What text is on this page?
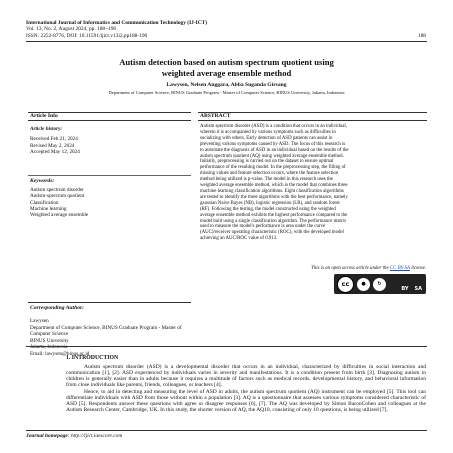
International Journal of Informatics and Communication Technology (IJ-ICT)
Vol. 13, No. 2, August 2024, pp. 188~196
ISSN: 2252-8776, DOI: 10.11591/ijict.v13i2.pp188-196	188
Autism detection based on autism spectrum quotient using
weighted average ensemble method
Lawysen, Nelsen Anggara, Abba Suganda Girsang
Department of Computer Science, BINUS Graduate Program - Master of Computer Science, BINUS University, Jakarta, Indonesia
Article Info
Article history:
Received Feb 21, 2024
Revised May 2, 2024
Accepted May 12, 2024
Keywords:
Autism spectrum disorder
Autism-spectrum quotient
Classification
Machine learning
Weighted average ensemble
ABSTRACT
Autism spectrum disorder (ASD) is a condition that occurs in an individual,
wherein it is accompanied by various symptoms such as difficulties in
socializing with others. Early detection of ASD patients can assist in
preventing various symptoms caused by ASD. The focus of this research is
to automate the diagnosis of ASD in an individual based on the results of the
autism spectrum quotient (AQ) using weighted average ensemble method.
Initially, preprocessing is carried out on the dataset to ensure optimal
performance of the resulting model. In the preprocessing step, the filling of
missing values and feature selection occurs, where the feature selection
method being utilized is p-value. The model in this research uses the
weighted average ensemble method, which is the model that combines three
machine learning classification algorithms. Eight classification algorithms
are tested to identify the three algorithms with the best performance, namely
gaussian Naive Bayes (NB), logistic regression (LR), and random forest
(RF). Following the testing, the model constructed using the weighted
average ensemble method exhibits the highest performance compared to the
model built using a single classification algorithm. The performance matrix
used to measure the model's performance is area under the curve
(AUC)/receiver operating characteristic (ROC), with the developed model
achieving an AUC/ROC value of 0.912.
This is an open access article under the CC BY-SA license.
cc	●	↻
BY	SA
Corresponding Author:
Lawysen
Department of Computer Science, BINUS Graduate Program - Master of Computer Science
BINUS University
Jakarta, Indonesia
Email: lawysen@binus.ac.id
1. INTRODUCTION

Autism spectrum disorder (ASD) is a developmental disorder that occurs in an individual, characterized by difficulties in social interaction and communication [1], [2]. ASD experienced by individuals varies in severity and manifestations. It is a condition present from birth [3]. Diagnosing autism in children is generally easier than in adults because it requires a multitude of factors such as medical records, developmental history, and behavioral information from close individuals like parents, friends, colleagues, or teachers [4].

Hence, to aid in detecting and measuring the level of ASD in adults, the autism spectrum quotient (AQ) instrument can be employed [5]. This tool can differentiate individuals with ASD from those without within a population [3]. AQ is a questionnaire that assesses various symptoms considered characteristic of ASD [5]. Respondents answer these questions with agree or disagree responses [6], [7]. The AQ was developed by Simon BaronCohen and colleagues at the Autism Research Center, Cambridge, UK. In this study, the shorter version of AQ, the AQ10, consisting of only 10 questions, is being utilized [7].

Journal homepage: http://ijict.iaescore.com
